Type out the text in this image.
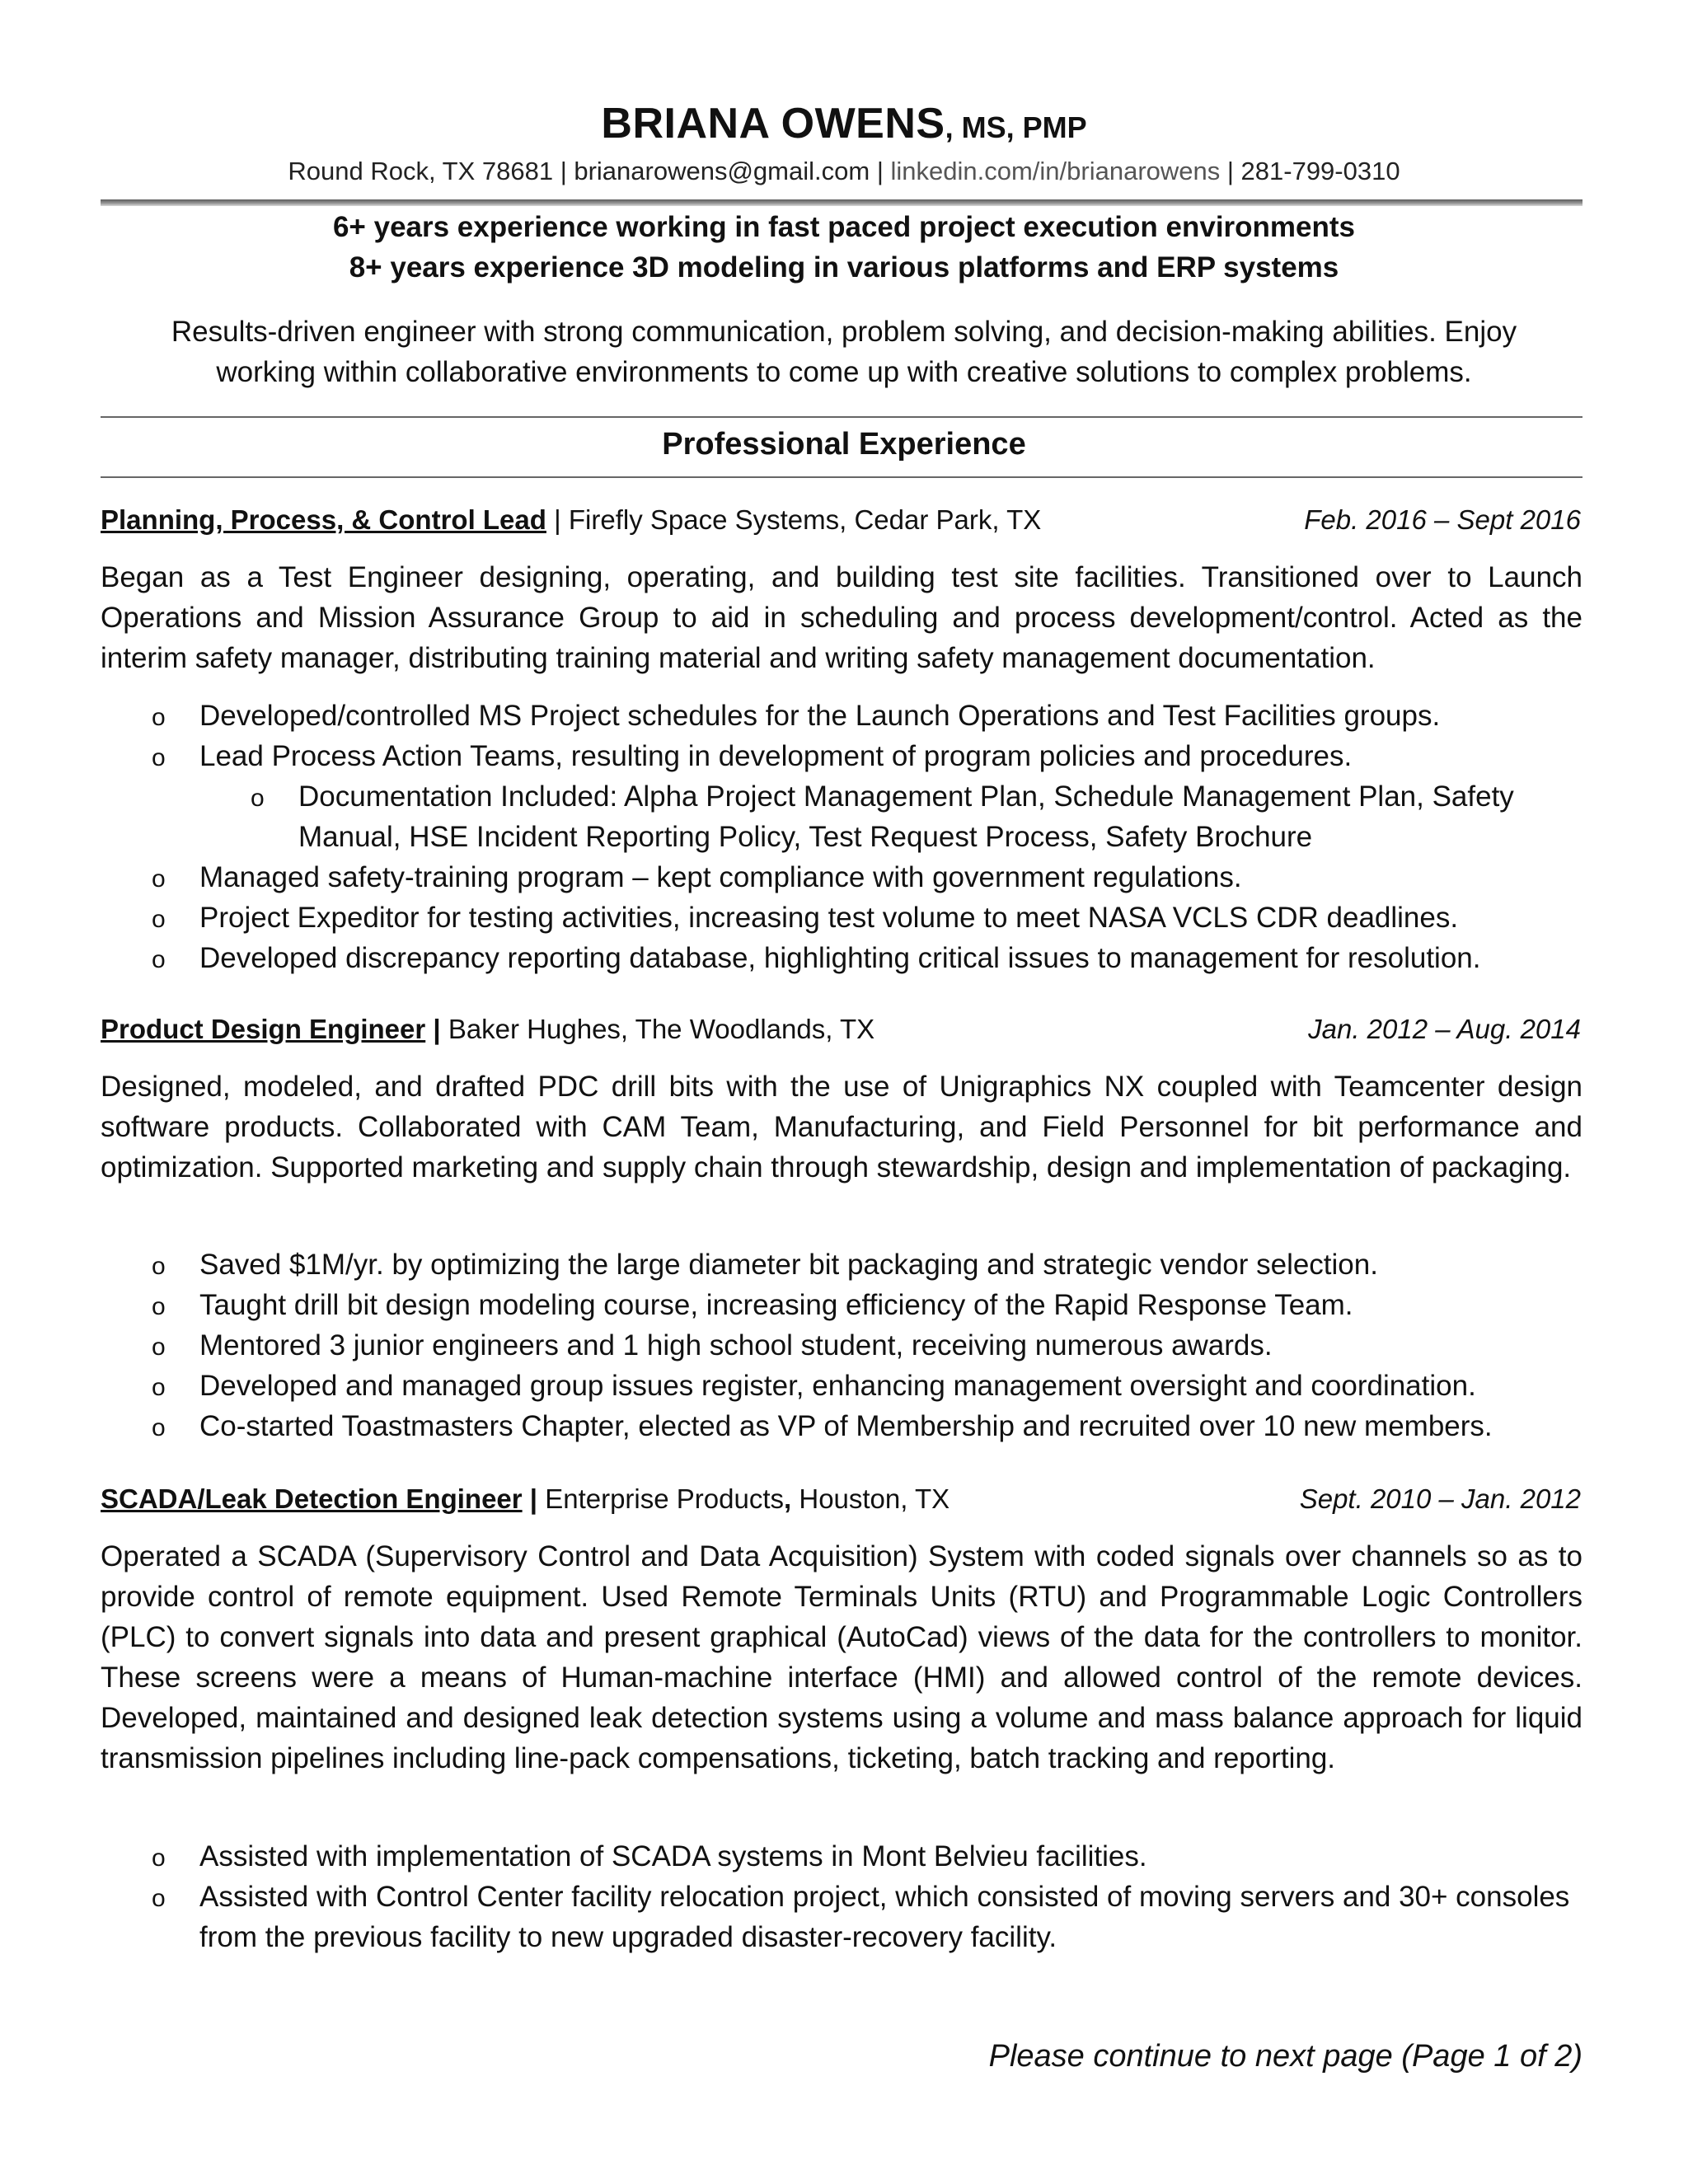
BRIANA OWENS, MS, PMP
Round Rock, TX 78681 | brianarowens@gmail.com | linkedin.com/in/brianarowens | 281-799-0310
6+ years experience working in fast paced project execution environments
8+ years experience 3D modeling in various platforms and ERP systems
Results-driven engineer with strong communication, problem solving, and decision-making abilities. Enjoy working within collaborative environments to come up with creative solutions to complex problems.
Professional Experience
Planning, Process, & Control Lead | Firefly Space Systems, Cedar Park, TX	Feb. 2016 – Sept 2016
Began as a Test Engineer designing, operating, and building test site facilities. Transitioned over to Launch Operations and Mission Assurance Group to aid in scheduling and process development/control. Acted as the interim safety manager, distributing training material and writing safety management documentation.
o Developed/controlled MS Project schedules for the Launch Operations and Test Facilities groups.
o Lead Process Action Teams, resulting in development of program policies and procedures.
o Documentation Included: Alpha Project Management Plan, Schedule Management Plan, Safety Manual, HSE Incident Reporting Policy, Test Request Process, Safety Brochure
o Managed safety-training program – kept compliance with government regulations.
o Project Expeditor for testing activities, increasing test volume to meet NASA VCLS CDR deadlines.
o Developed discrepancy reporting database, highlighting critical issues to management for resolution.
Product Design Engineer | Baker Hughes, The Woodlands, TX	Jan. 2012 – Aug. 2014
Designed, modeled, and drafted PDC drill bits with the use of Unigraphics NX coupled with Teamcenter design software products. Collaborated with CAM Team, Manufacturing, and Field Personnel for bit performance and optimization. Supported marketing and supply chain through stewardship, design and implementation of packaging.
o Saved $1M/yr. by optimizing the large diameter bit packaging and strategic vendor selection.
o Taught drill bit design modeling course, increasing efficiency of the Rapid Response Team.
o Mentored 3 junior engineers and 1 high school student, receiving numerous awards.
o Developed and managed group issues register, enhancing management oversight and coordination.
o Co-started Toastmasters Chapter, elected as VP of Membership and recruited over 10 new members.
SCADA/Leak Detection Engineer | Enterprise Products, Houston, TX	Sept. 2010 – Jan. 2012
Operated a SCADA (Supervisory Control and Data Acquisition) System with coded signals over channels so as to provide control of remote equipment. Used Remote Terminals Units (RTU) and Programmable Logic Controllers (PLC) to convert signals into data and present graphical (AutoCad) views of the data for the controllers to monitor. These screens were a means of Human-machine interface (HMI) and allowed control of the remote devices. Developed, maintained and designed leak detection systems using a volume and mass balance approach for liquid transmission pipelines including line-pack compensations, ticketing, batch tracking and reporting.
o Assisted with implementation of SCADA systems in Mont Belvieu facilities.
o Assisted with Control Center facility relocation project, which consisted of moving servers and 30+ consoles from the previous facility to new upgraded disaster-recovery facility.
Please continue to next page (Page 1 of 2)
